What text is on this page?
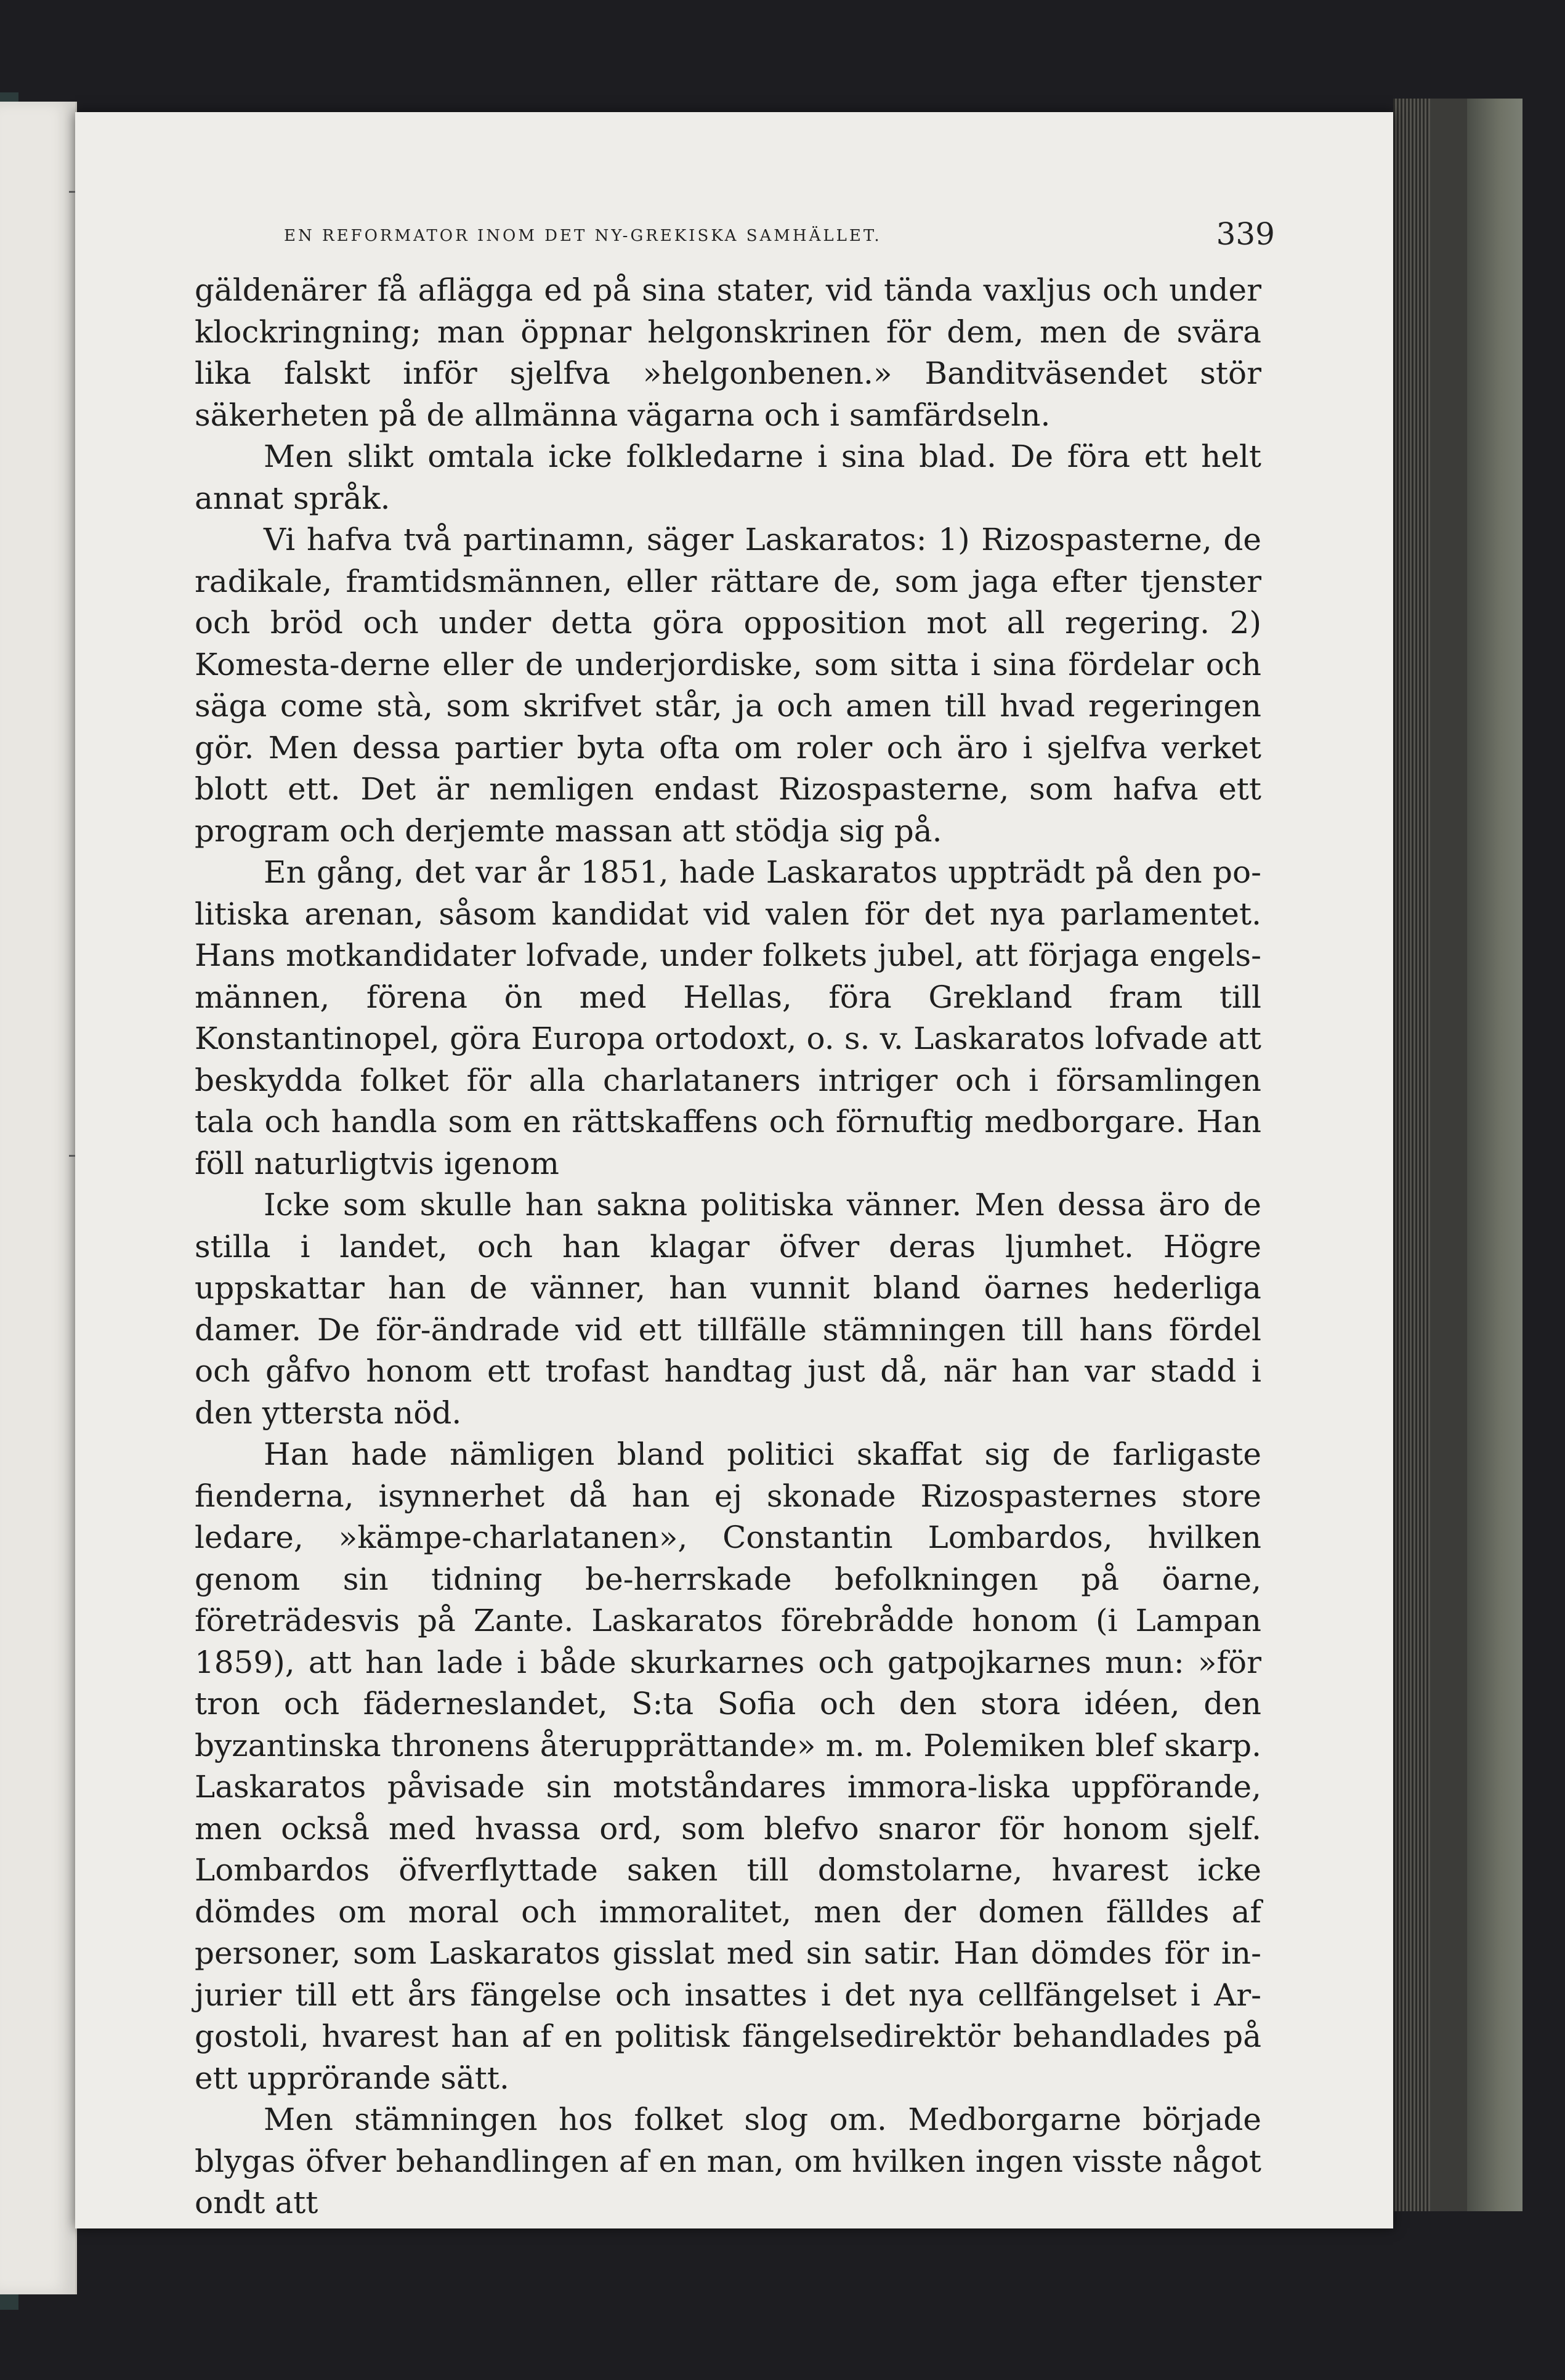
EN REFORMATOR INOM DET NY-GREKISKA SAMHÄLLET.	339

gäldenärer få aflägga ed på sina stater, vid tända vaxljus och under klockringning; man öppnar helgonskrinen för dem, men de svära lika falskt inför sjelfva »helgonbenen.» Banditväsendet stör säkerheten på de allmänna vägarna och i samfärdseln.

Men slikt omtala icke folkledarne i sina blad. De föra ett helt annat språk.

Vi hafva två partinamn, säger Laskaratos: 1) Rizospasterne, de radikale, framtidsmännen, eller rättare de, som jaga efter tjenster och bröd och under detta göra opposition mot all regering. 2) Komesta-derne eller de underjordiske, som sitta i sina fördelar och säga come stà, som skrifvet står, ja och amen till hvad regeringen gör. Men dessa partier byta ofta om roler och äro i sjelfva verket blott ett. Det är nemligen endast Rizospasterne, som hafva ett program och derjemte massan att stödja sig på.

En gång, det var år 1851, hade Laskaratos uppträdt på den po-litiska arenan, såsom kandidat vid valen för det nya parlamentet. Hans motkandidater lofvade, under folkets jubel, att förjaga engels-männen, förena ön med Hellas, föra Grekland fram till Konstantinopel, göra Europa ortodoxt, o. s. v. Laskaratos lofvade att beskydda folket för alla charlataners intriger och i församlingen tala och handla som en rättskaffens och förnuftig medborgare. Han föll naturligtvis igenom

Icke som skulle han sakna politiska vänner. Men dessa äro de stilla i landet, och han klagar öfver deras ljumhet. Högre uppskattar han de vänner, han vunnit bland öarnes hederliga damer. De för-ändrade vid ett tillfälle stämningen till hans fördel och gåfvo honom ett trofast handtag just då, när han var stadd i den yttersta nöd.

Han hade nämligen bland politici skaffat sig de farligaste fienderna, isynnerhet då han ej skonade Rizospasternes store ledare, »kämpe-charlatanen», Constantin Lombardos, hvilken genom sin tidning be-herrskade befolkningen på öarne, företrädesvis på Zante. Laskaratos förebrådde honom (i Lampan 1859), att han lade i både skurkarnes och gatpojkarnes mun: »för tron och fäderneslandet, S:ta Sofia och den stora idéen, den byzantinska thronens återupprättande» m. m. Polemiken blef skarp. Laskaratos påvisade sin motståndares immora-liska uppförande, men också med hvassa ord, som blefvo snaror för honom sjelf. Lombardos öfverflyttade saken till domstolarne, hvarest icke dömdes om moral och immoralitet, men der domen fälldes af personer, som Laskaratos gisslat med sin satir. Han dömdes för in-jurier till ett års fängelse och insattes i det nya cellfängelset i Ar-gostoli, hvarest han af en politisk fängelsedirektör behandlades på ett upprörande sätt.

Men stämningen hos folket slog om. Medborgarne började blygas öfver behandlingen af en man, om hvilken ingen visste något ondt att
